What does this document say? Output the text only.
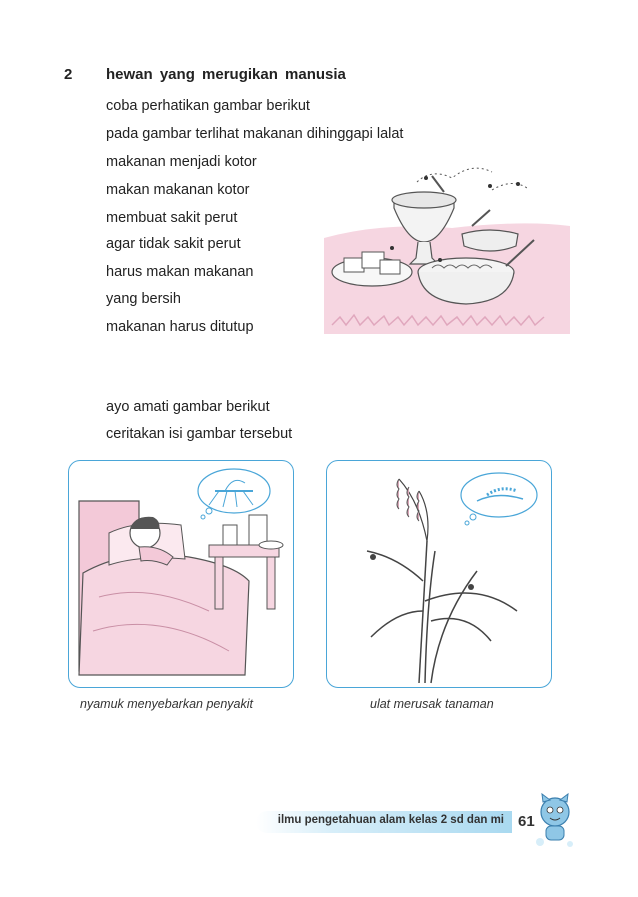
2 hewan yang merugikan manusia
coba perhatikan gambar berikut
pada gambar terlihat makanan dihinggapi lalat
makanan menjadi kotor
makan makanan kotor
membuat sakit perut
agar tidak sakit perut
harus makan makanan
yang bersih
makanan harus ditutup
ayo amati gambar berikut
ceritakan isi gambar tersebut
nyamuk menyebarkan penyakit	ulat merusak tanaman
ilmu pengetahuan alam kelas 2 sd dan mi 61
